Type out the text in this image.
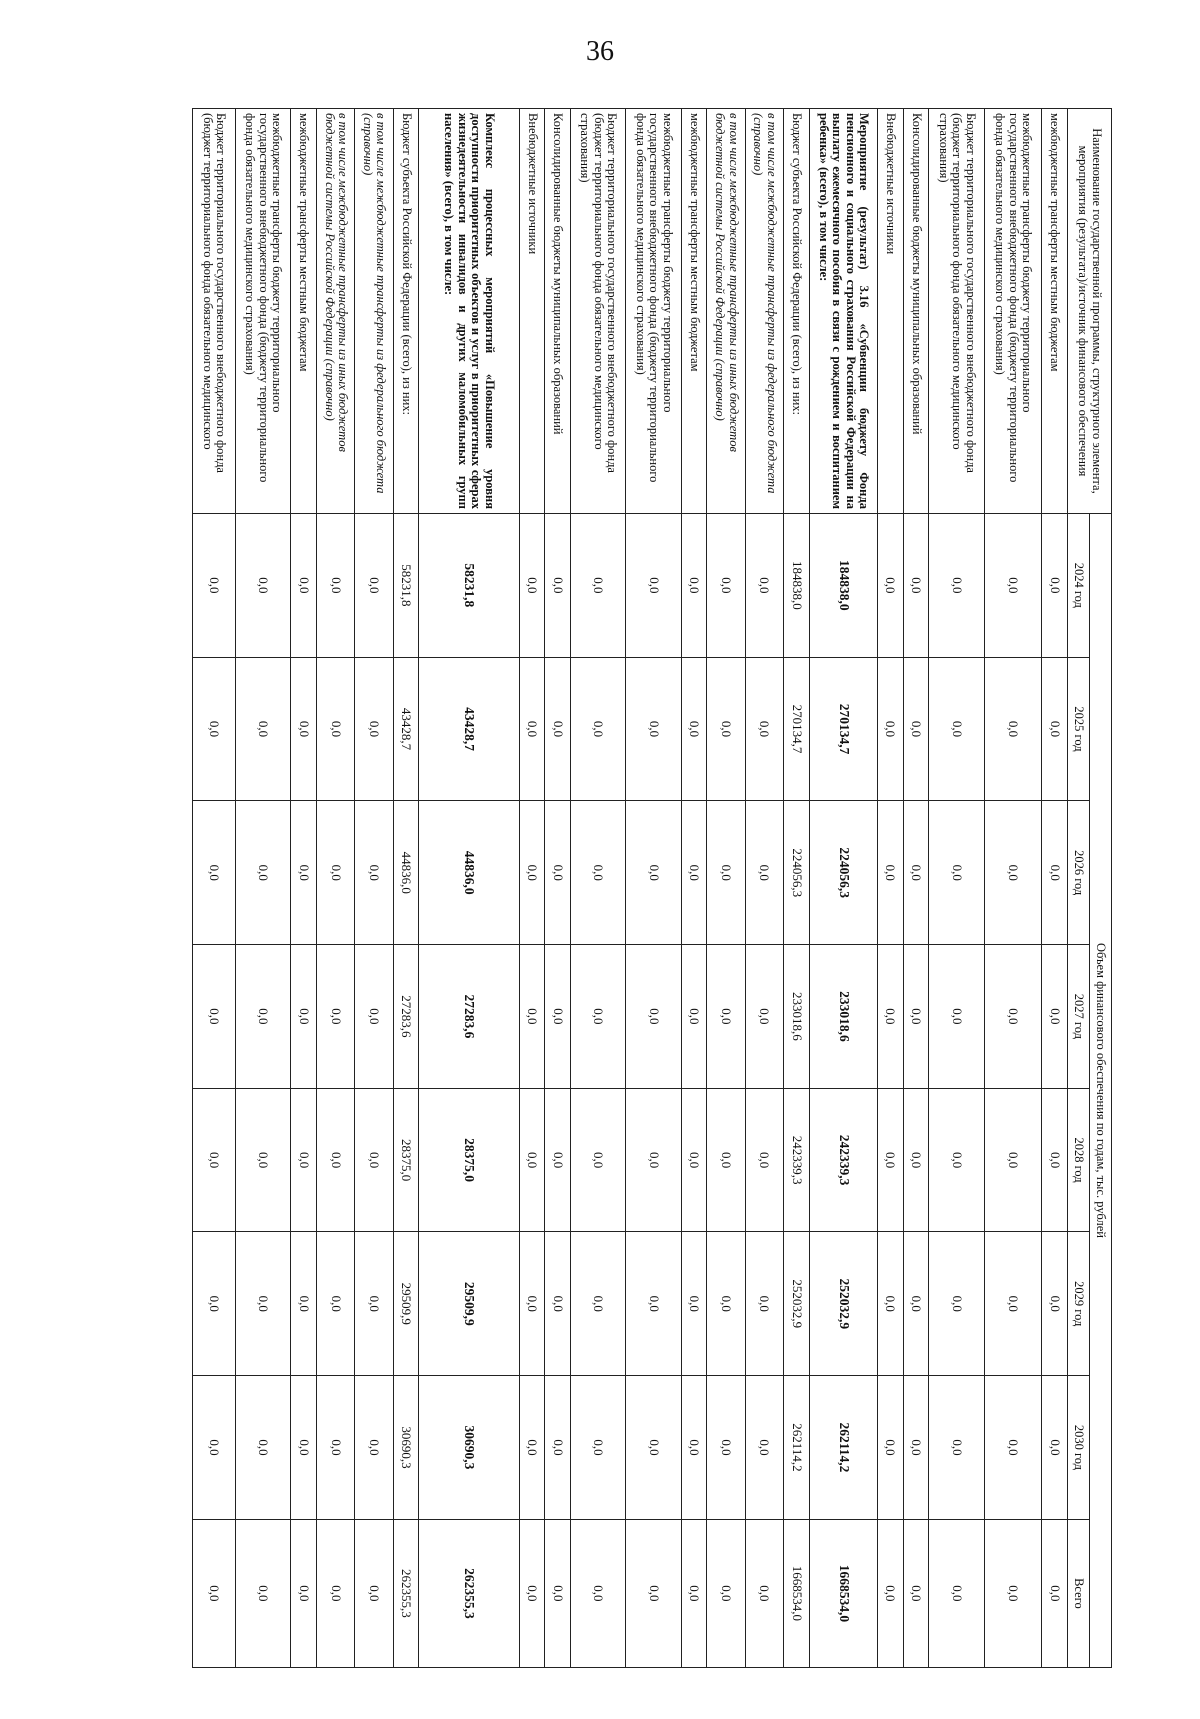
36
Наименование государственной программы, структурного элемента, мероприятия (результата)/источник финансового обеспечения	Объем финансового обеспечения по годам, тыс. рублей							
	2024 год	2025 год	2026 год	2027 год	2028 год	2029 год	2030 год	Всего
межбюджетные трансферты местным бюджетам	0,0	0,0	0,0	0,0	0,0	0,0	0,0	0,0
межбюджетные трансферты бюджету территориального государственного внебюджетного фонда (бюджету территориального фонда обязательного медицинского страхования)	0,0	0,0	0,0	0,0	0,0	0,0	0,0	0,0
Бюджет территориального государственного внебюджетного фонда (бюджет территориального фонда обязательного медицинского страхования)	0,0	0,0	0,0	0,0	0,0	0,0	0,0	0,0
Консолидированные бюджеты муниципальных образований	0,0	0,0	0,0	0,0	0,0	0,0	0,0	0,0
Внебюджетные источники	0,0	0,0	0,0	0,0	0,0	0,0	0,0	0,0
Мероприятие (результат) 3.16 «Субвенции бюджету Фонда пенсионного и социального страхования Российской Федерации на выплату ежемесячного пособия в связи с рождением и воспитанием ребенка» (всего), в том числе:	184838,0	270134,7	224056,3	233018,6	242339,3	252032,9	262114,2	1668534,0
Бюджет субъекта Российской Федерации (всего), из них:	184838,0	270134,7	224056,3	233018,6	242339,3	252032,9	262114,2	1668534,0
в том числе межбюджетные трансферты из федерального бюджета (справочно)	0,0	0,0	0,0	0,0	0,0	0,0	0,0	0,0
в том числе межбюджетные трансферты из иных бюджетов бюджетной системы Российской Федерации (справочно)	0,0	0,0	0,0	0,0	0,0	0,0	0,0	0,0
межбюджетные трансферты местным бюджетам	0,0	0,0	0,0	0,0	0,0	0,0	0,0	0,0
межбюджетные трансферты бюджету территориального государственного внебюджетного фонда (бюджету территориального фонда обязательного медицинского страхования)	0,0	0,0	0,0	0,0	0,0	0,0	0,0	0,0
Бюджет территориального государственного внебюджетного фонда (бюджет территориального фонда обязательного медицинского страхования)	0,0	0,0	0,0	0,0	0,0	0,0	0,0	0,0
Консолидированные бюджеты муниципальных образований	0,0	0,0	0,0	0,0	0,0	0,0	0,0	0,0
Внебюджетные источники	0,0	0,0	0,0	0,0	0,0	0,0	0,0	0,0
Комплекс процессных мероприятий «Повышение уровня доступности приоритетных объектов и услуг в приоритетных сферах жизнедеятельности инвалидов и других маломобильных групп населения» (всего), в том числе:	58231,8	43428,7	44836,0	27283,6	28375,0	29509,9	30690,3	262355,3
Бюджет субъекта Российской Федерации (всего), из них:	58231,8	43428,7	44836,0	27283,6	28375,0	29509,9	30690,3	262355,3
в том числе межбюджетные трансферты из федерального бюджета (справочно)	0,0	0,0	0,0	0,0	0,0	0,0	0,0	0,0
в том числе межбюджетные трансферты из иных бюджетов бюджетной системы Российской Федерации (справочно)	0,0	0,0	0,0	0,0	0,0	0,0	0,0	0,0
межбюджетные трансферты местным бюджетам	0,0	0,0	0,0	0,0	0,0	0,0	0,0	0,0
межбюджетные трансферты бюджету территориального государственного внебюджетного фонда (бюджету территориального фонда обязательного медицинского страхования)	0,0	0,0	0,0	0,0	0,0	0,0	0,0	0,0
Бюджет территориального государственного внебюджетного фонда (бюджет территориального фонда обязательного медицинского	0,0	0,0	0,0	0,0	0,0	0,0	0,0	0,0
